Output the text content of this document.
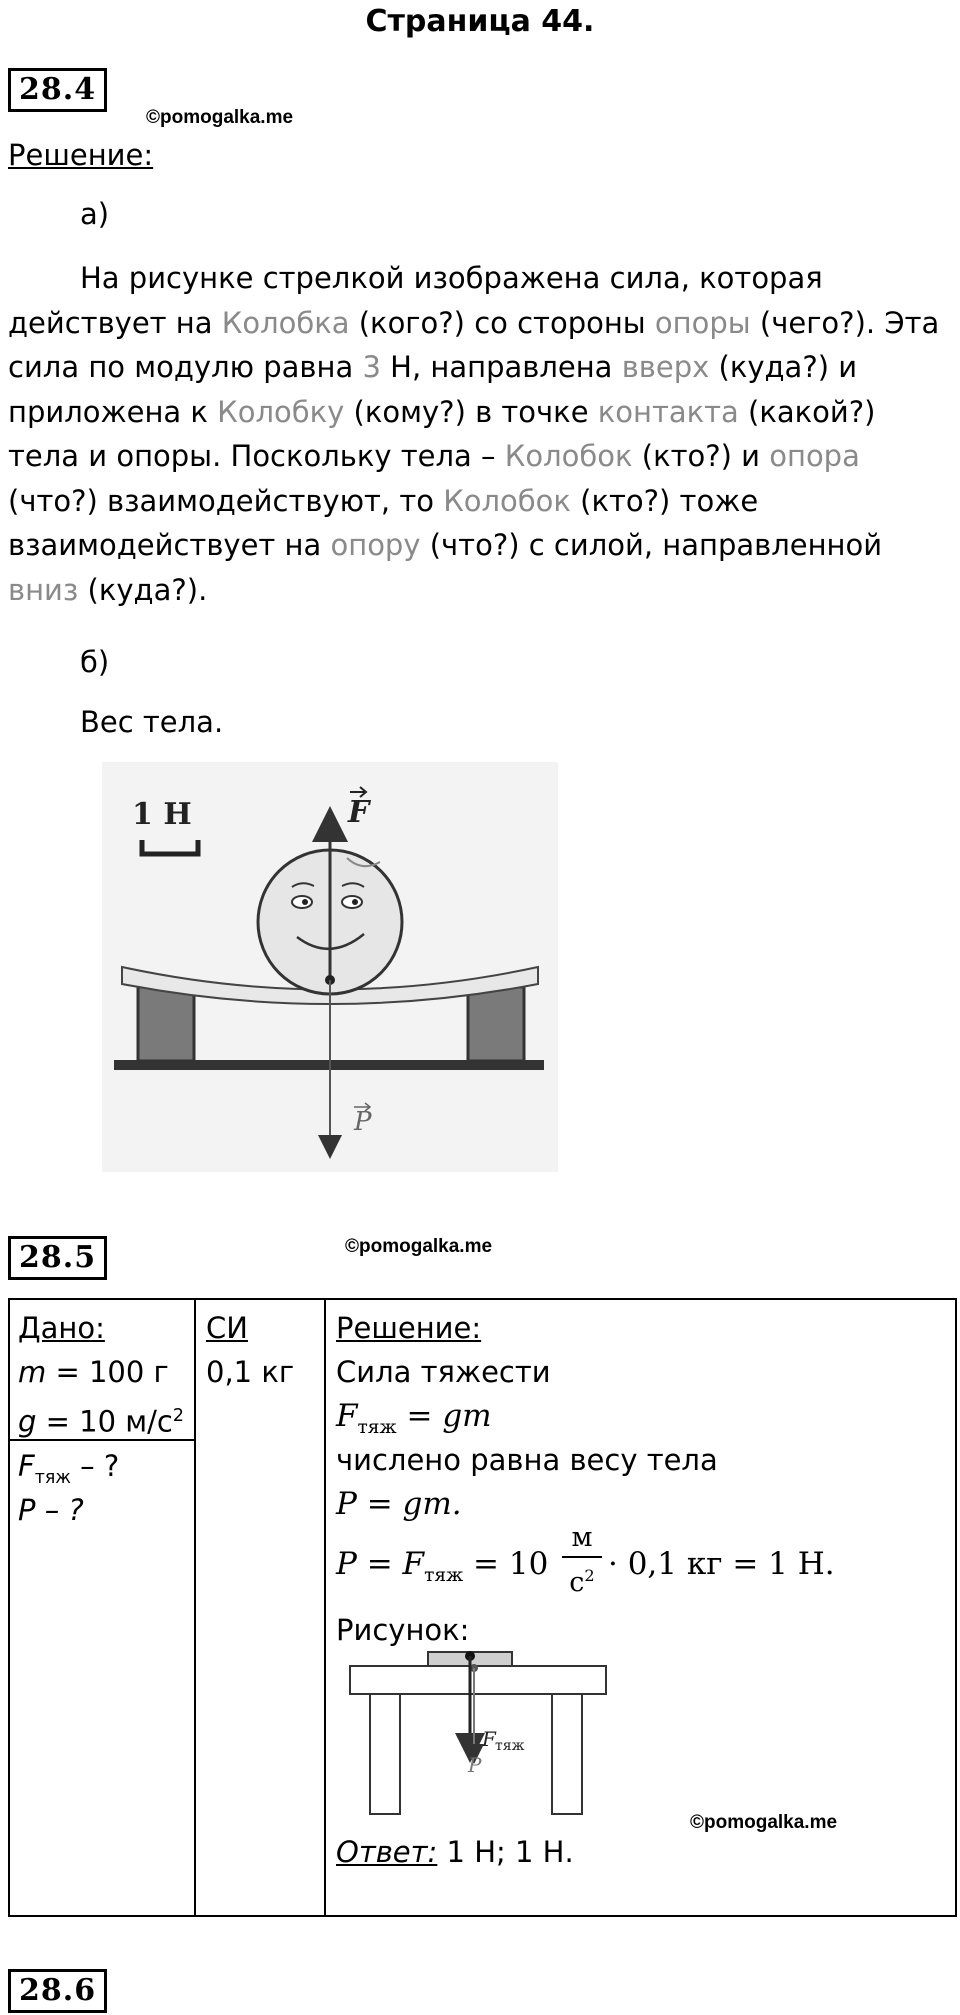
Страница 44.
28.4
©pomogalka.me
Решение:
а)
На рисунке стрелкой изображена сила, которая действует на Колобка (кого?) со стороны опоры (чего?). Эта сила по модулю равна 3 Н, направлена вверх (куда?) и приложена к Колобку (кому?) в точке контакта (какой?) тела и опоры. Поскольку тела – Колобок (кто?) и опора (что?) взаимодействуют, то Колобок (кто?) тоже взаимодействует на опору (что?) с силой, направленной вниз (куда?).
б)
Вес тела.
1 Н	F
P
28.5	©pomogalka.me
Дано:
m = 100 г
g = 10 $м/с^2$
$F_{тяж}$ – ?
P – ?
СИ
0,1 кг
Решение:
Сила тяжести
$F_{тяж}$ = gm
числено равна весу тела
P = gm.
$P = F_{тяж} = 10$
м
$с^2 \cdot 0,1$ кг = 1 Н.
Рисунок:
F тяж
P
©pomogalka.me
Ответ: 1 Н; 1 Н.
28.6
